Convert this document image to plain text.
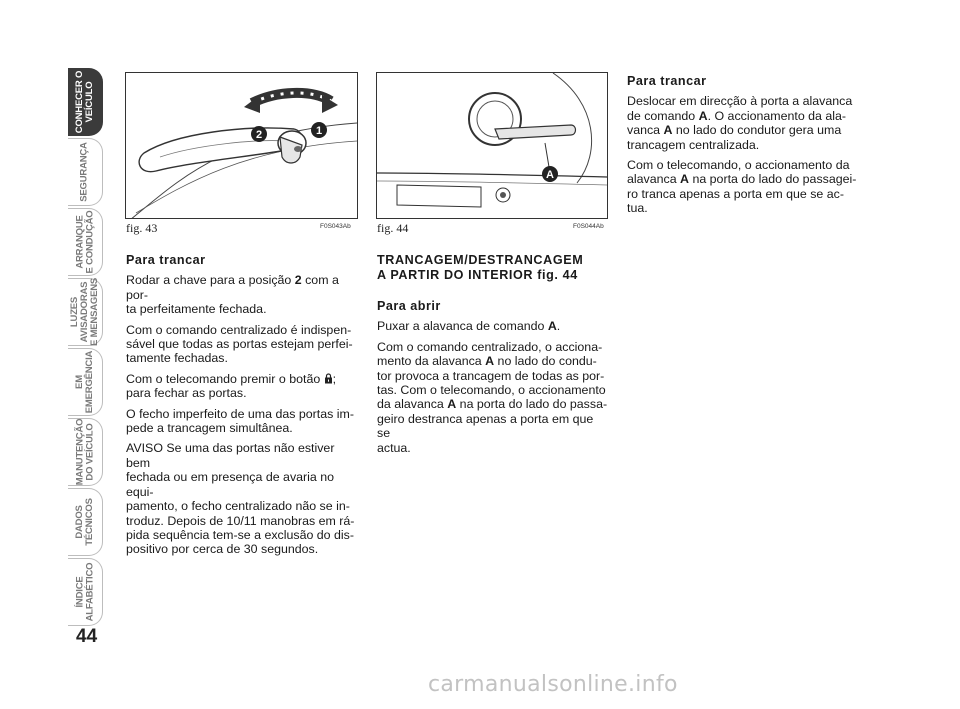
CONHECER O
VEÍCULO
SEGURANÇA
ARRANQUE
E CONDUÇÃO
LUZES
AVISADORAS
E MENSAGENS
EM
EMERGÊNCIA
MANUTENÇÃO
DO VEÍCULO
DADOS
TÉCNICOS
ÍNDICE
ALFABÉTICO
44
2	1
fig. 43	F0S043Ab
A
fig. 44	F0S044Ab
Para trancar

Rodar a chave para a posição 2 com a por-
ta perfeitamente fechada.

Com o comando centralizado é indispen-
sável que todas as portas estejam perfei-
tamente fechadas.

Com o telecomando premir o botão ;
para fechar as portas.

O fecho imperfeito de uma das portas im-
pede a trancagem simultânea.

AVISO Se uma das portas não estiver bem
fechada ou em presença de avaria no equi-
pamento, o fecho centralizado não se in-
troduz. Depois de 10/11 manobras em rá-
pida sequência tem-se a exclusão do dis-
positivo por cerca de 30 segundos.

TRANCAGEM/DESTRANCAGEM
A PARTIR DO INTERIOR fig. 44
Para abrir

Puxar a alavanca de comando A.

Com o comando centralizado, o acciona-
mento da alavanca A no lado do condu-
tor provoca a trancagem de todas as por-
tas. Com o telecomando, o accionamento
da alavanca A na porta do lado do passa-
geiro destranca apenas a porta em que se
actua.

Para trancar

Deslocar em direcção à porta a alavanca
de comando A. O accionamento da ala-
vanca A no lado do condutor gera uma
trancagem centralizada.

Com o telecomando, o accionamento da
alavanca A na porta do lado do passagei-
ro tranca apenas a porta em que se ac-
tua.

carmanualsonline.info
